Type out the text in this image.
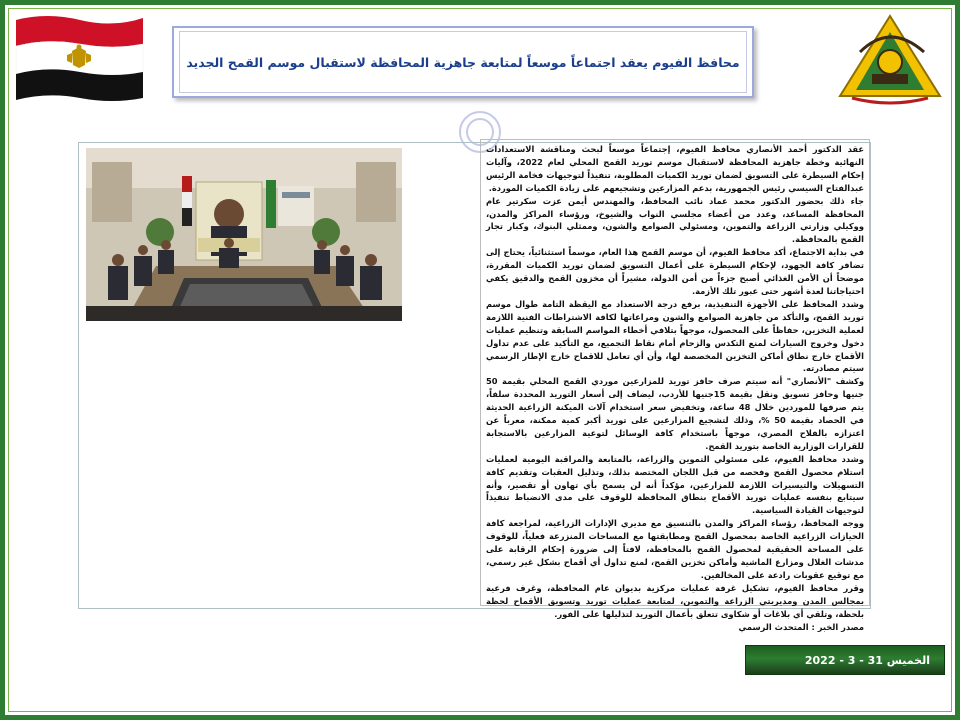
محافظ الفيوم يعقد اجتماعاً موسعاً لمتابعة جاهزية المحافظة لاستقبال موسم القمح الجديد

عقد الدكتور أحمد الأنصاري محافظ الفيوم، إجتماعاً موسعاً لبحث ومناقشة الاستعدادات النهائية وخطة جاهزية المحافظة لاستقبال موسم توريد القمح المحلي لعام 2022، وآليات إحكام السيطرة على التسويق لضمان توريد الكميات المطلوبة، تنفيذاً لتوجيهات فخامة الرئيس عبدالفتاح السيسي رئيس الجمهورية، بدعم المزارعين وتشجيعهم على زيادة الكميات الموردة.

جاء ذلك بحضور الدكتور محمد عماد نائب المحافظ، والمهندس أيمن عزت سكرتير عام المحافظة المساعد، وعدد من أعضاء مجلسي النواب والشيوخ، ورؤساء المراكز والمدن، ووكيلي وزارتي الزراعة والتموين، ومسئولي الصوامع والشون، وممثلي البنوك، وكبار تجار القمح بالمحافظة.

في بداية الاجتماع، أكد محافظ الفيوم، أن موسم القمح هذا العام، موسماً استثنائياً، يحتاج إلى تضافر كافة الجهود، لإحكام السيطرة على أعمال التسويق لضمان توريد الكميات المقررة، موضحاً أن الأمن الغذائي أصبح جزءاً من أمن الدولة، مشيراً أن مخزون القمح والدقيق يكفي احتياجاتنا لعدة أشهر حتى عبور تلك الأزمة.

وشدد المحافظ على الأجهزة التنفيذية، برفع درجة الاستعداد مع اليقظة التامة طوال موسم توريد القمح، والتأكد من جاهزية الصوامع والشون ومراعاتها لكافة الاشتراطات الفنية اللازمة لعملية التخزين، حفاظاً على المحصول، موجهاً بتلافي أخطاء المواسم السابقة وتنظيم عمليات دخول وخروج السيارات لمنع التكدس والزحام أمام نقاط التجميع، مع التأكيد على عدم تداول الأقماح خارج نطاق أماكن التخزين المخصصة لها، وأن أي تعامل للاقماح خارج الإطار الرسمي سيتم مصادرته.

وكشف "الأنصاري" أنه سيتم صرف حافز توريد للمزارعين موردي القمح المحلي بقيمة 50 جنيها وحافز تسويق ونقل بقيمة 15جنيها للأردب، ليضاف إلى أسعار التوريد المحددة سلفاً، يتم صرفها للموردين خلال 48 ساعة، وتخفيض سعر استخدام آلات الميكنة الزراعية الحديثة في الحصاد بقيمة 50 %، وذلك لتشجيع المزارعين على توريد أكبر كمية ممكنة، معرباً عن اعتزازه بالفلاح المصري، موجهاً باستخدام كافة الوسائل لتوعية المزارعين بالاستجابة للقرارات الوزارية الخاصة بتوريد القمح.

وشدد محافظ الفيوم، على مسئولي التموين والزراعة، بالمتابعة والمراقبة اليومية لعمليات استلام محصول القمح وفحصه من قبل اللجان المختصة بذلك، وتذليل العقبات وتقديم كافة التسهيلات والتيسيرات اللازمة للمزارعين، مؤكداً أنه لن يسمح بأي تهاون أو تقصير، وأنه سيتابع بنفسه عمليات توريد الأقماح بنطاق المحافظة للوقوف على مدى الانضباط تنفيذاً لتوجيهات القيادة السياسية.

ووجه المحافظ، رؤساء المراكز والمدن بالتنسيق مع مديري الإدارات الزراعية، لمراجعة كافة الحيازات الزراعية الخاصة بمحصول القمح ومطابقتها مع المساحات المنزرعة فعلياً، للوقوف على المساحة الحقيقية لمحصول القمح بالمحافظة، لافتاً إلى ضرورة إحكام الرقابة على مدشات الغلال ومزارع الماشية وأماكن تخزين القمح، لمنع تداول أي أقماح بشكل غير رسمي، مع توقيع عقوبات رادعة على المخالفين.

وقرر محافظ الفيوم، تشكيل غرفة عمليات مركزية بديوان عام المحافظة، وغرف فرعية بمجالس المدن ومديريتي الزراعة والتموين، لمتابعة عمليات توريد وتسويق الأقماح لحظة بلحظة، وتلقي أي بلاغات أو شكاوى تتعلق بأعمال التوريد لتذليلها على الفور.

مصدر الخبر : المتحدث الرسمي

الخميس 31 - 3 - 2022
